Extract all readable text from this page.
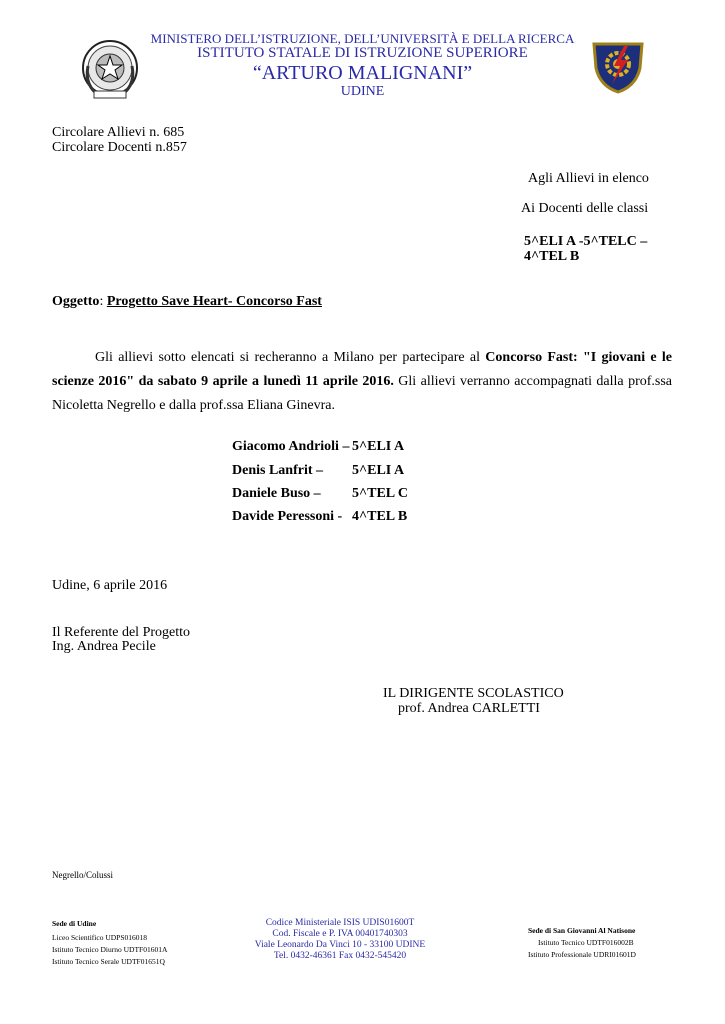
MINISTERO DELL’ISTRUZIONE, DELL’UNIVERSITÀ E DELLA RICERCA
ISTITUTO STATALE DI ISTRUZIONE SUPERIORE
“ARTURO MALIGNANI”
UDINE
Circolare Allievi n. 685
Circolare Docenti n.857
Agli Allievi in elenco
Ai Docenti delle classi
5^ELI A -5^TELC –
4^TEL B
Oggetto: Progetto Save Heart- Concorso Fast
Gli allievi sotto elencati si recheranno a Milano per partecipare al Concorso Fast: "I giovani e le scienze 2016" da sabato 9 aprile a lunedì 11 aprile 2016. Gli allievi verranno accompagnati dalla prof.ssa Nicoletta Negrello e dalla prof.ssa Eliana Ginevra.
Giacomo Andrioli – 5^ELI A
Denis Lanfrit – 5^ELI A
Daniele Buso – 5^TEL C
Davide Peressoni - 4^TEL B
Udine, 6 aprile 2016
Il Referente del Progetto
Ing. Andrea Pecile
IL DIRIGENTE SCOLASTICO
prof. Andrea CARLETTI
Negrello/Colussi
Sede di Udine
Liceo Scientifico UDPS016018
Istituto Tecnico Diurno UDTF01601A
Istituto Tecnico Serale UDTF01651Q
Codice Ministeriale ISIS UDIS01600T
Cod. Fiscale e P. IVA 00401740303
Viale Leonardo Da Vinci 10 - 33100 UDINE
Tel. 0432-46361 Fax 0432-545420
Sede di San Giovanni Al Natisone
Istituto Tecnico UDTF016002B
Istituto Professionale UDRI01601D
